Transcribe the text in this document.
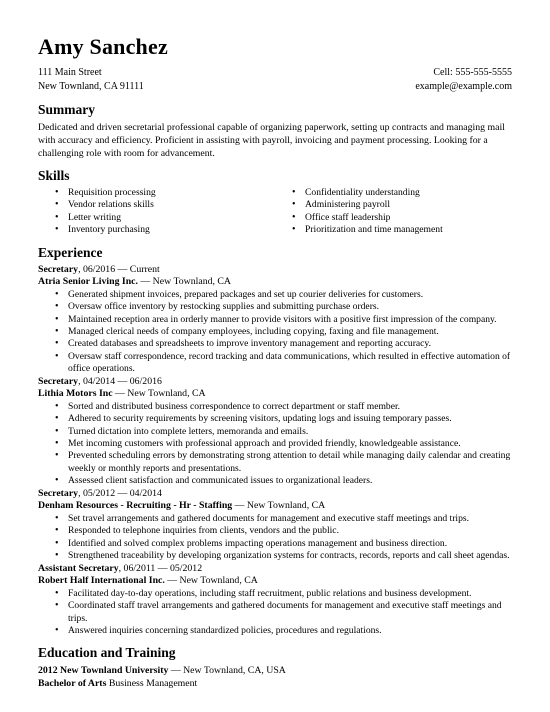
Amy Sanchez
111 Main Street
New Townland, CA 91111
Cell: 555-555-5555
example@example.com
Summary

Dedicated and driven secretarial professional capable of organizing paperwork, setting up contracts and managing mail with accuracy and efficiency. Proficient in assisting with payroll, invoicing and payment processing. Looking for a challenging role with room for advancement.

Skills
• Requisition processing
• Vendor relations skills
• Letter writing
• Inventory purchasing
• Confidentiality understanding
• Administering payroll
• Office staff leadership
• Prioritization and time management
Experience
Secretary, 06/2016 — Current
Atria Senior Living Inc. — New Townland, CA
• Generated shipment invoices, prepared packages and set up courier deliveries for customers.
• Oversaw office inventory by restocking supplies and submitting purchase orders.
• Maintained reception area in orderly manner to provide visitors with a positive first impression of the company.
• Managed clerical needs of company employees, including copying, faxing and file management.
• Created databases and spreadsheets to improve inventory management and reporting accuracy.
• Oversaw staff correspondence, record tracking and data communications, which resulted in effective automation of office operations.
Secretary, 04/2014 — 06/2016
Lithia Motors Inc — New Townland, CA
• Sorted and distributed business correspondence to correct department or staff member.
• Adhered to security requirements by screening visitors, updating logs and issuing temporary passes.
• Turned dictation into complete letters, memoranda and emails.
• Met incoming customers with professional approach and provided friendly, knowledgeable assistance.
• Prevented scheduling errors by demonstrating strong attention to detail while managing daily calendar and creating weekly or monthly reports and presentations.
• Assessed client satisfaction and communicated issues to organizational leaders.
Secretary, 05/2012 — 04/2014
Denham Resources - Recruiting - Hr - Staffing — New Townland, CA
• Set travel arrangements and gathered documents for management and executive staff meetings and trips.
• Responded to telephone inquiries from clients, vendors and the public.
• Identified and solved complex problems impacting operations management and business direction.
• Strengthened traceability by developing organization systems for contracts, records, reports and call sheet agendas.
Assistant Secretary, 06/2011 — 05/2012
Robert Half International Inc. — New Townland, CA
• Facilitated day-to-day operations, including staff recruitment, public relations and business development.
• Coordinated staff travel arrangements and gathered documents for management and executive staff meetings and trips.
• Answered inquiries concerning standardized policies, procedures and regulations.
Education and Training
2012 New Townland University — New Townland, CA, USA
Bachelor of Arts Business Management
